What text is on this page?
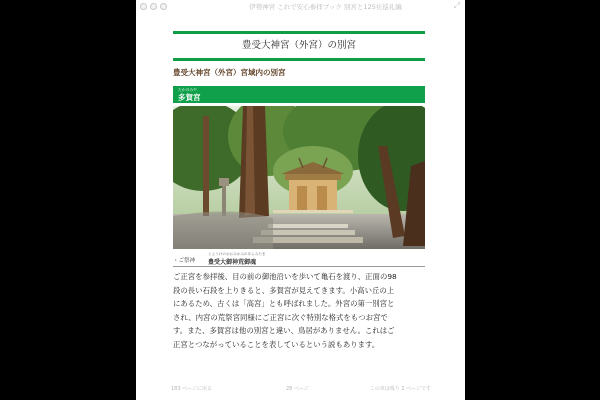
伊勢神宮 これで安心参拝ブック 別宮と125社巡礼編	⤢
豊受大神宮（外宮）の別宮
豊受大神宮（外宮）宮域内の別宮
たかのみや
多賀宮
・ご祭神
とようけのおおみかみのあらみたま
豊受大御神荒御魂
ご正宮を参拝後、目の前の御池沿いを歩いて亀石を渡り、正面の98
段の長い石段を上りきると、多賀宮が見えてきます。小高い丘の上
にあるため、古くは「高宮」とも呼ばれました。外宮の第一別宮と
され、内宮の荒祭宮同様にご正宮に次ぐ特別な格式をもつお宮で
す。また、多賀宮は他の別宮と違い、鳥居がありません。これはご
正宮とつながっていることを表しているという説もあります。
183 ページに戻る	28 ページ	この章は残り 1 ページです
